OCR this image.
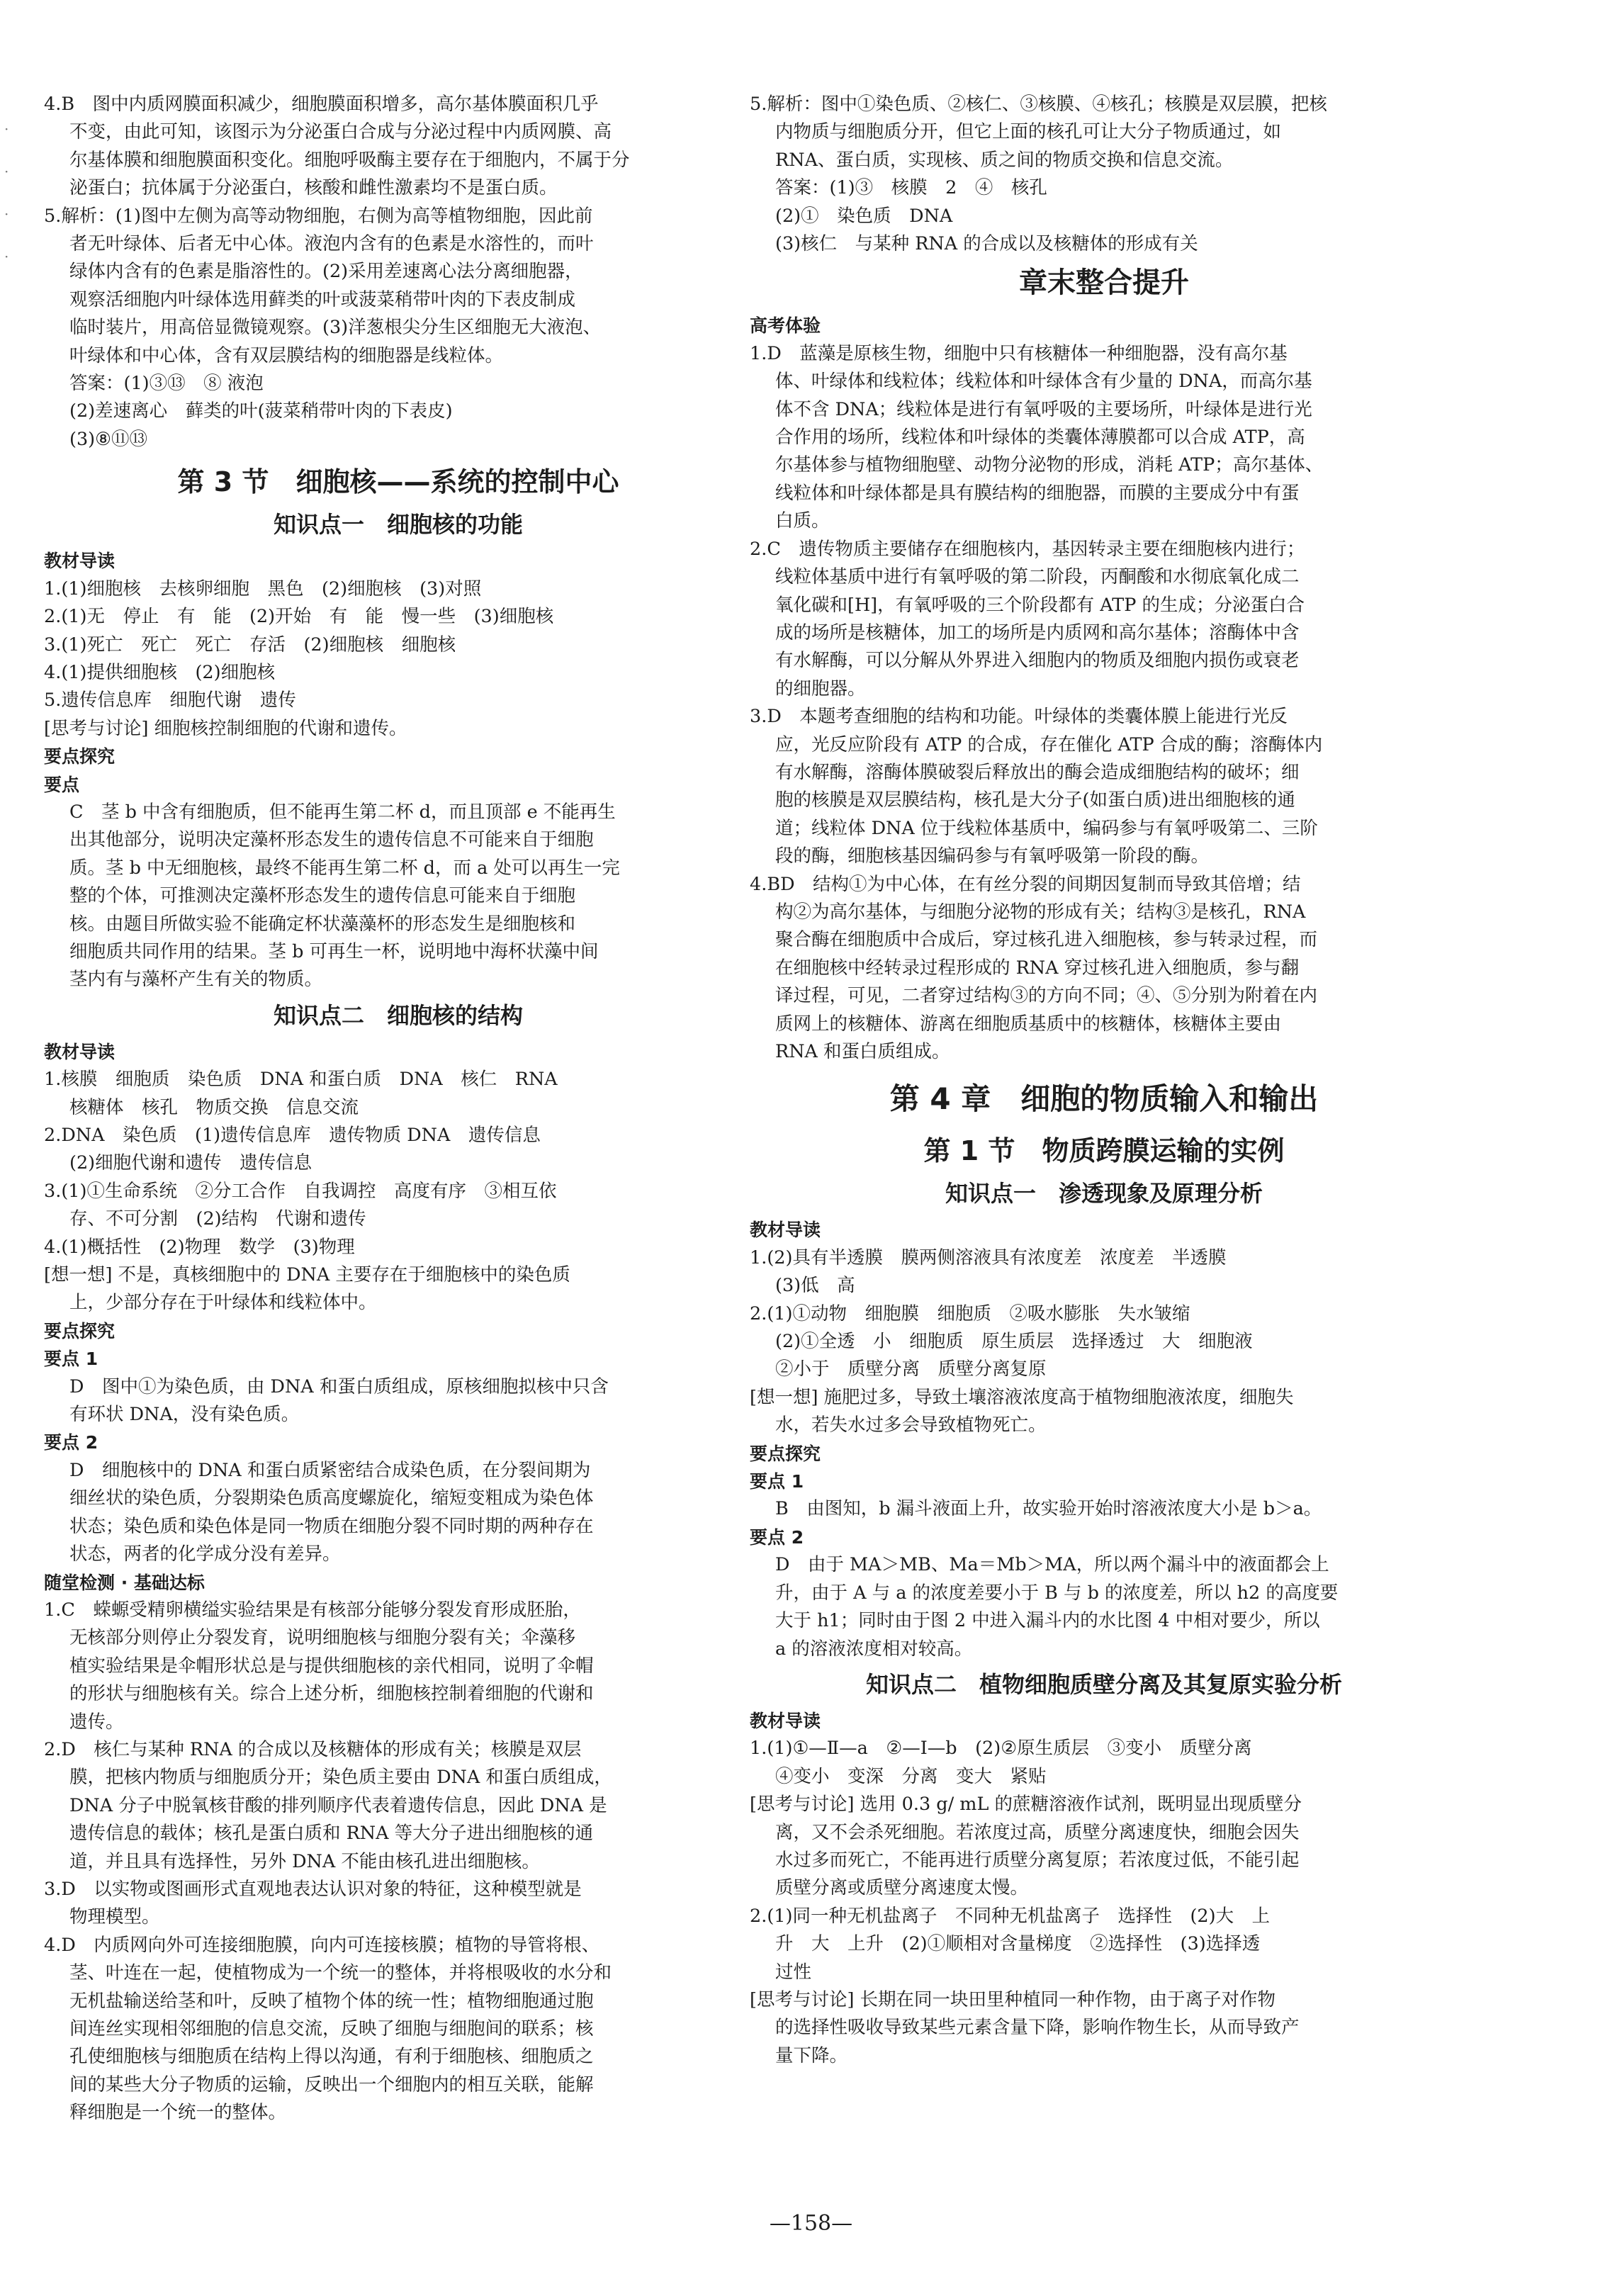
·
·
·
·

4.B　图中内质网膜面积减少，细胞膜面积增多，高尔基体膜面积几乎

不变，由此可知，该图示为分泌蛋白合成与分泌过程中内质网膜、高

尔基体膜和细胞膜面积变化。细胞呼吸酶主要存在于细胞内，不属于分

泌蛋白；抗体属于分泌蛋白，核酸和雌性激素均不是蛋白质。

5.解析：(1)图中左侧为高等动物细胞，右侧为高等植物细胞，因此前

者无叶绿体、后者无中心体。液泡内含有的色素是水溶性的，而叶

绿体内含有的色素是脂溶性的。(2)采用差速离心法分离细胞器，

观察活细胞内叶绿体选用藓类的叶或菠菜稍带叶肉的下表皮制成

临时装片，用高倍显微镜观察。(3)洋葱根尖分生区细胞无大液泡、

叶绿体和中心体，含有双层膜结构的细胞器是线粒体。

答案：(1)③⑬　⑧ 液泡

(2)差速离心　藓类的叶(菠菜稍带叶肉的下表皮)

(3)⑧⑪⑬

第 3 节　细胞核——系统的控制中心
知识点一　细胞核的功能

教材导读

1.(1)细胞核　去核卵细胞　黑色　(2)细胞核　(3)对照

2.(1)无　停止　有　能　(2)开始　有　能　慢一些　(3)细胞核

3.(1)死亡　死亡　死亡　存活　(2)细胞核　细胞核

4.(1)提供细胞核　(2)细胞核

5.遗传信息库　细胞代谢　遗传

[思考与讨论] 细胞核控制细胞的代谢和遗传。

要点探究

要点

C　茎 b 中含有细胞质，但不能再生第二杯 d，而且顶部 e 不能再生

出其他部分，说明决定藻杯形态发生的遗传信息不可能来自于细胞

质。茎 b 中无细胞核，最终不能再生第二杯 d，而 a 处可以再生一完

整的个体，可推测决定藻杯形态发生的遗传信息可能来自于细胞

核。由题目所做实验不能确定杯状藻藻杯的形态发生是细胞核和

细胞质共同作用的结果。茎 b 可再生一杯，说明地中海杯状藻中间

茎内有与藻杯产生有关的物质。

知识点二　细胞核的结构

教材导读

1.核膜　细胞质　染色质　DNA 和蛋白质　DNA　核仁　RNA

核糖体　核孔　物质交换　信息交流

2.DNA　染色质　(1)遗传信息库　遗传物质 DNA　遗传信息

(2)细胞代谢和遗传　遗传信息

3.(1)①生命系统　②分工合作　自我调控　高度有序　③相互依

存、不可分割　(2)结构　代谢和遗传

4.(1)概括性　(2)物理　数学　(3)物理

[想一想] 不是，真核细胞中的 DNA 主要存在于细胞核中的染色质

上，少部分存在于叶绿体和线粒体中。

要点探究

要点 1

D　图中①为染色质，由 DNA 和蛋白质组成，原核细胞拟核中只含

有环状 DNA，没有染色质。

要点 2

D　细胞核中的 DNA 和蛋白质紧密结合成染色质，在分裂间期为

细丝状的染色质，分裂期染色质高度螺旋化，缩短变粗成为染色体

状态；染色质和染色体是同一物质在细胞分裂不同时期的两种存在

状态，两者的化学成分没有差异。

随堂检测 · 基础达标

1.C　蝾螈受精卵横缢实验结果是有核部分能够分裂发育形成胚胎，

无核部分则停止分裂发育，说明细胞核与细胞分裂有关；伞藻移

植实验结果是伞帽形状总是与提供细胞核的亲代相同，说明了伞帽

的形状与细胞核有关。综合上述分析，细胞核控制着细胞的代谢和

遗传。

2.D　核仁与某种 RNA 的合成以及核糖体的形成有关；核膜是双层

膜，把核内物质与细胞质分开；染色质主要由 DNA 和蛋白质组成，

DNA 分子中脱氧核苷酸的排列顺序代表着遗传信息，因此 DNA 是

遗传信息的载体；核孔是蛋白质和 RNA 等大分子进出细胞核的通

道，并且具有选择性，另外 DNA 不能由核孔进出细胞核。

3.D　以实物或图画形式直观地表达认识对象的特征，这种模型就是

物理模型。

4.D　内质网向外可连接细胞膜，向内可连接核膜；植物的导管将根、

茎、叶连在一起，使植物成为一个统一的整体，并将根吸收的水分和

无机盐输送给茎和叶，反映了植物个体的统一性；植物细胞通过胞

间连丝实现相邻细胞的信息交流，反映了细胞与细胞间的联系；核

孔使细胞核与细胞质在结构上得以沟通，有利于细胞核、细胞质之

间的某些大分子物质的运输，反映出一个细胞内的相互关联，能解

释细胞是一个统一的整体。

5.解析：图中①染色质、②核仁、③核膜、④核孔；核膜是双层膜，把核

内物质与细胞质分开，但它上面的核孔可让大分子物质通过，如

RNA、蛋白质，实现核、质之间的物质交换和信息交流。

答案：(1)③　核膜　2　④　核孔

(2)①　染色质　DNA

(3)核仁　与某种 RNA 的合成以及核糖体的形成有关

章末整合提升

高考体验

1.D　蓝藻是原核生物，细胞中只有核糖体一种细胞器，没有高尔基

体、叶绿体和线粒体；线粒体和叶绿体含有少量的 DNA，而高尔基

体不含 DNA；线粒体是进行有氧呼吸的主要场所，叶绿体是进行光

合作用的场所，线粒体和叶绿体的类囊体薄膜都可以合成 ATP，高

尔基体参与植物细胞壁、动物分泌物的形成，消耗 ATP；高尔基体、

线粒体和叶绿体都是具有膜结构的细胞器，而膜的主要成分中有蛋

白质。

2.C　遗传物质主要储存在细胞核内，基因转录主要在细胞核内进行；

线粒体基质中进行有氧呼吸的第二阶段，丙酮酸和水彻底氧化成二

氧化碳和[H]，有氧呼吸的三个阶段都有 ATP 的生成；分泌蛋白合

成的场所是核糖体，加工的场所是内质网和高尔基体；溶酶体中含

有水解酶，可以分解从外界进入细胞内的物质及细胞内损伤或衰老

的细胞器。

3.D　本题考查细胞的结构和功能。叶绿体的类囊体膜上能进行光反

应，光反应阶段有 ATP 的合成，存在催化 ATP 合成的酶；溶酶体内

有水解酶，溶酶体膜破裂后释放出的酶会造成细胞结构的破坏；细

胞的核膜是双层膜结构，核孔是大分子(如蛋白质)进出细胞核的通

道；线粒体 DNA 位于线粒体基质中，编码参与有氧呼吸第二、三阶

段的酶，细胞核基因编码参与有氧呼吸第一阶段的酶。

4.BD　结构①为中心体，在有丝分裂的间期因复制而导致其倍增；结

构②为高尔基体，与细胞分泌物的形成有关；结构③是核孔，RNA

聚合酶在细胞质中合成后，穿过核孔进入细胞核，参与转录过程，而

在细胞核中经转录过程形成的 RNA 穿过核孔进入细胞质，参与翻

译过程，可见，二者穿过结构③的方向不同；④、⑤分别为附着在内

质网上的核糖体、游离在细胞质基质中的核糖体，核糖体主要由

RNA 和蛋白质组成。

第 4 章　细胞的物质输入和输出
第 1 节　物质跨膜运输的实例
知识点一　渗透现象及原理分析

教材导读

1.(2)具有半透膜　膜两侧溶液具有浓度差　浓度差　半透膜

(3)低　高

2.(1)①动物　细胞膜　细胞质　②吸水膨胀　失水皱缩

(2)①全透　小　细胞质　原生质层　选择透过　大　细胞液

②小于　质壁分离　质壁分离复原

[想一想] 施肥过多，导致土壤溶液浓度高于植物细胞液浓度，细胞失

水，若失水过多会导致植物死亡。

要点探究

要点 1

B　由图知，b 漏斗液面上升，故实验开始时溶液浓度大小是 b＞a。

要点 2

D　由于 MA＞MB、Ma＝Mb＞MA，所以两个漏斗中的液面都会上

升，由于 A 与 a 的浓度差要小于 B 与 b 的浓度差，所以 h2 的高度要

大于 h1；同时由于图 2 中进入漏斗内的水比图 4 中相对要少，所以

a 的溶液浓度相对较高。

知识点二　植物细胞质壁分离及其复原实验分析

教材导读

1.(1)①—Ⅱ—a　②—Ⅰ—b　(2)②原生质层　③变小　质壁分离

④变小　变深　分离　变大　紧贴

[思考与讨论] 选用 0.3 g/ mL 的蔗糖溶液作试剂，既明显出现质壁分

离，又不会杀死细胞。若浓度过高，质壁分离速度快，细胞会因失

水过多而死亡，不能再进行质壁分离复原；若浓度过低，不能引起

质壁分离或质壁分离速度太慢。

2.(1)同一种无机盐离子　不同种无机盐离子　选择性　(2)大　上

升　大　上升　(2)①顺相对含量梯度　②选择性　(3)选择透

过性

[思考与讨论] 长期在同一块田里种植同一种作物，由于离子对作物

的选择性吸收导致某些元素含量下降，影响作物生长，从而导致产

量下降。

—158—
